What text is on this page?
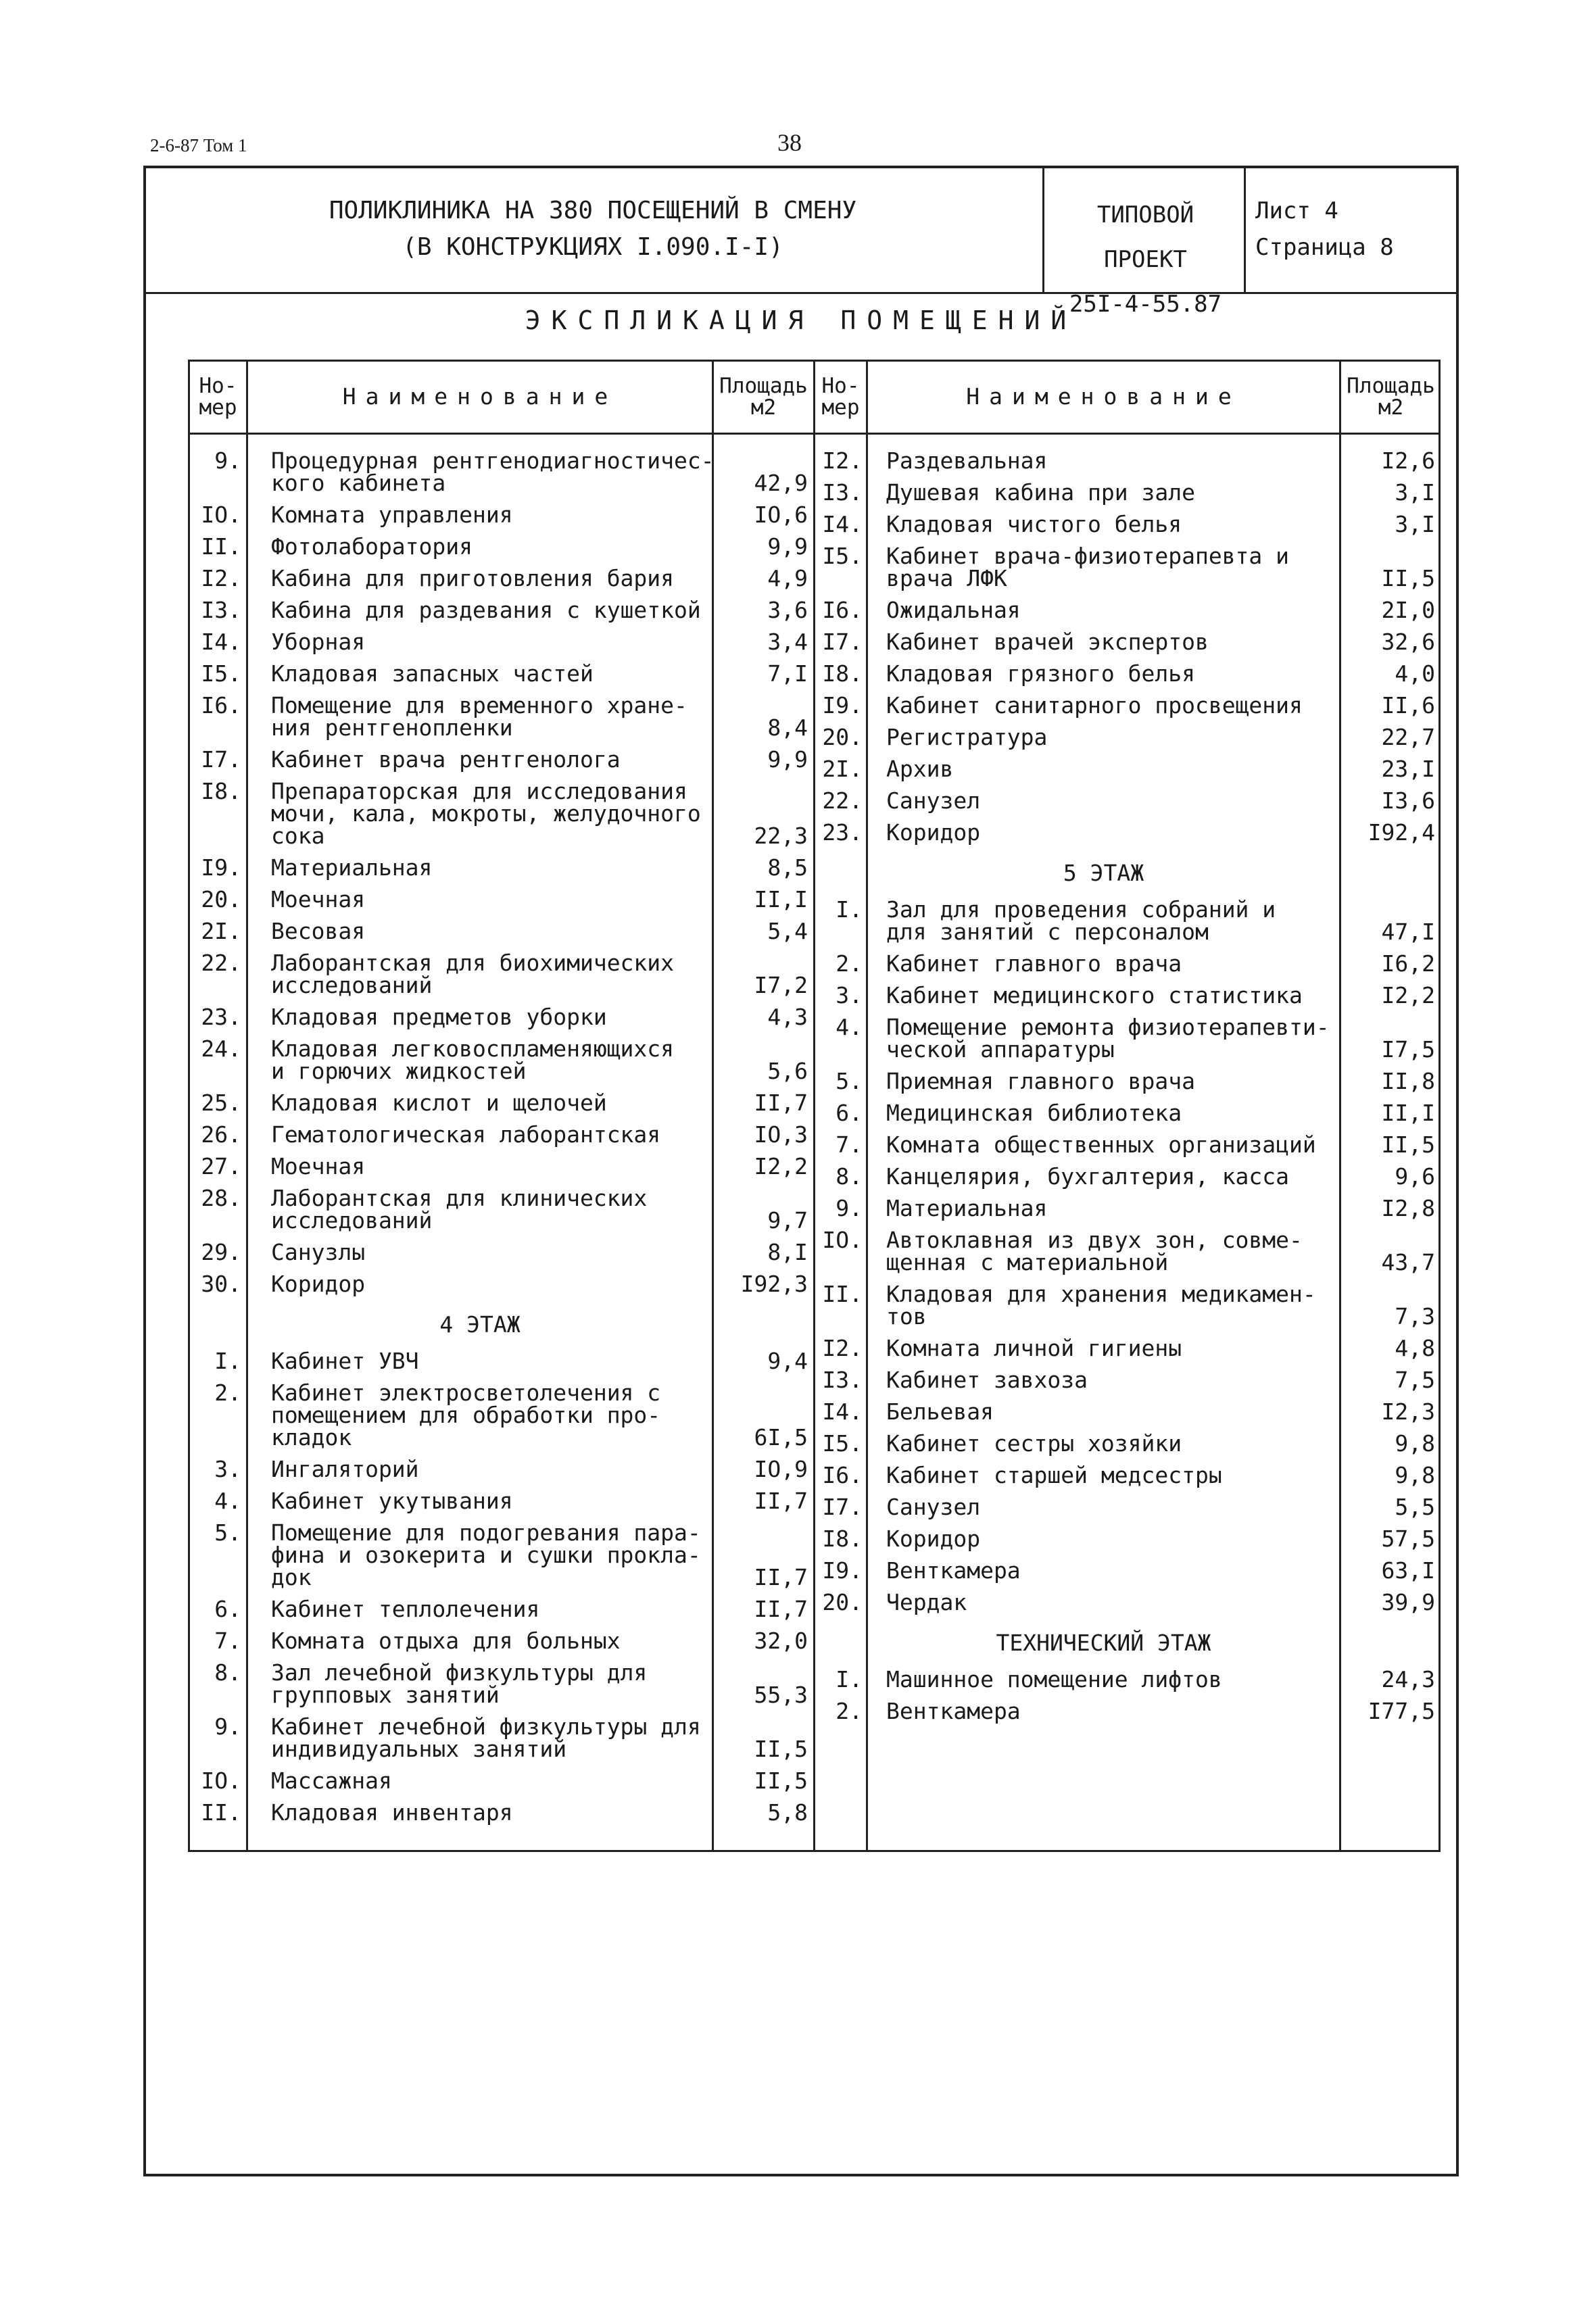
2-6-87 Том 1	38
ПОЛИКЛИНИКА НА 380 ПОСЕЩЕНИЙ В СМЕНУ
(В КОНСТРУКЦИЯХ I.090.I-I)
ТИПОВОЙ ПРОЕКТ
25I-4-55.87
Лист 4
Страница 8
ЭКСПЛИКАЦИЯ ПОМЕЩЕНИЙ
Но-
мер	Наименование	Площадь
м2
Но-
мер	Наименование	Площадь
м2
9. Процедурная рентгенодиагностичес-
кого кабинета	42,9
IO. Комната управления	IO,6
II. Фотолаборатория	9,9
I2. Кабина для приготовления бария	4,9
I3. Кабина для раздевания с кушеткой	3,6
I4. Уборная	3,4
I5. Кладовая запасных частей	7,I
I6. Помещение для временного хране-
ния рентгенопленки	8,4
I7. Кабинет врача рентгенолога	9,9
I8. Препараторская для исследования
мочи, кала, мокроты, желудочного
сока	22,3
I9. Материальная	8,5
20. Моечная	II,I
2I. Весовая	5,4
22. Лаборантская для биохимических
исследований	I7,2
23. Кладовая предметов уборки	4,3
24. Кладовая легковоспламеняющихся
и горючих жидкостей	5,6
25. Кладовая кислот и щелочей	II,7
26. Гематологическая лаборантская	IO,3
27. Моечная	I2,2
28. Лаборантская для клинических
исследований	9,7
29. Санузлы	8,I
30. Коридор	I92,3
4 ЭТАЖ
I. Кабинет УВЧ	9,4
2. Кабинет электросветолечения с
помещением для обработки про-
кладок	6I,5
3. Ингаляторий	IO,9
4. Кабинет укутывания	II,7
5. Помещение для подогревания пара-
фина и озокерита и сушки прокла-
док	II,7
6. Кабинет теплолечения	II,7
7. Комната отдыха для больных	32,0
8. Зал лечебной физкультуры для
групповых занятий	55,3
9. Кабинет лечебной физкультуры для
индивидуальных занятий	II,5
IO. Массажная	II,5
II. Кладовая инвентаря	5,8
I2. Раздевальная	I2,6
I3. Душевая кабина при зале	3,I
I4. Кладовая чистого белья	3,I
I5. Кабинет врача-физиотерапевта и
врача ЛФК	II,5
I6. Ожидальная	2I,0
I7. Кабинет врачей экспертов	32,6
I8. Кладовая грязного белья	4,0
I9. Кабинет санитарного просвещения	II,6
20. Регистратура	22,7
2I. Архив	23,I
22. Санузел	I3,6
23. Коридор	I92,4
5 ЭТАЖ
I. Зал для проведения собраний и
для занятий с персоналом	47,I
2. Кабинет главного врача	I6,2
3. Кабинет медицинского статистика	I2,2
4. Помещение ремонта физиотерапевти-
ческой аппаратуры	I7,5
5. Приемная главного врача	II,8
6. Медицинская библиотека	II,I
7. Комната общественных организаций	II,5
8. Канцелярия, бухгалтерия, касса	9,6
9. Материальная	I2,8
IO. Автоклавная из двух зон, совме-
щенная с материальной	43,7
II. Кладовая для хранения медикамен-
тов	7,3
I2. Комната личной гигиены	4,8
I3. Кабинет завхоза	7,5
I4. Бельевая	I2,3
I5. Кабинет сестры хозяйки	9,8
I6. Кабинет старшей медсестры	9,8
I7. Санузел	5,5
I8. Коридор	57,5
I9. Венткамера	63,I
20. Чердак	39,9
ТЕХНИЧЕСКИЙ ЭТАЖ
I. Машинное помещение лифтов	24,3
2. Венткамера	I77,5
